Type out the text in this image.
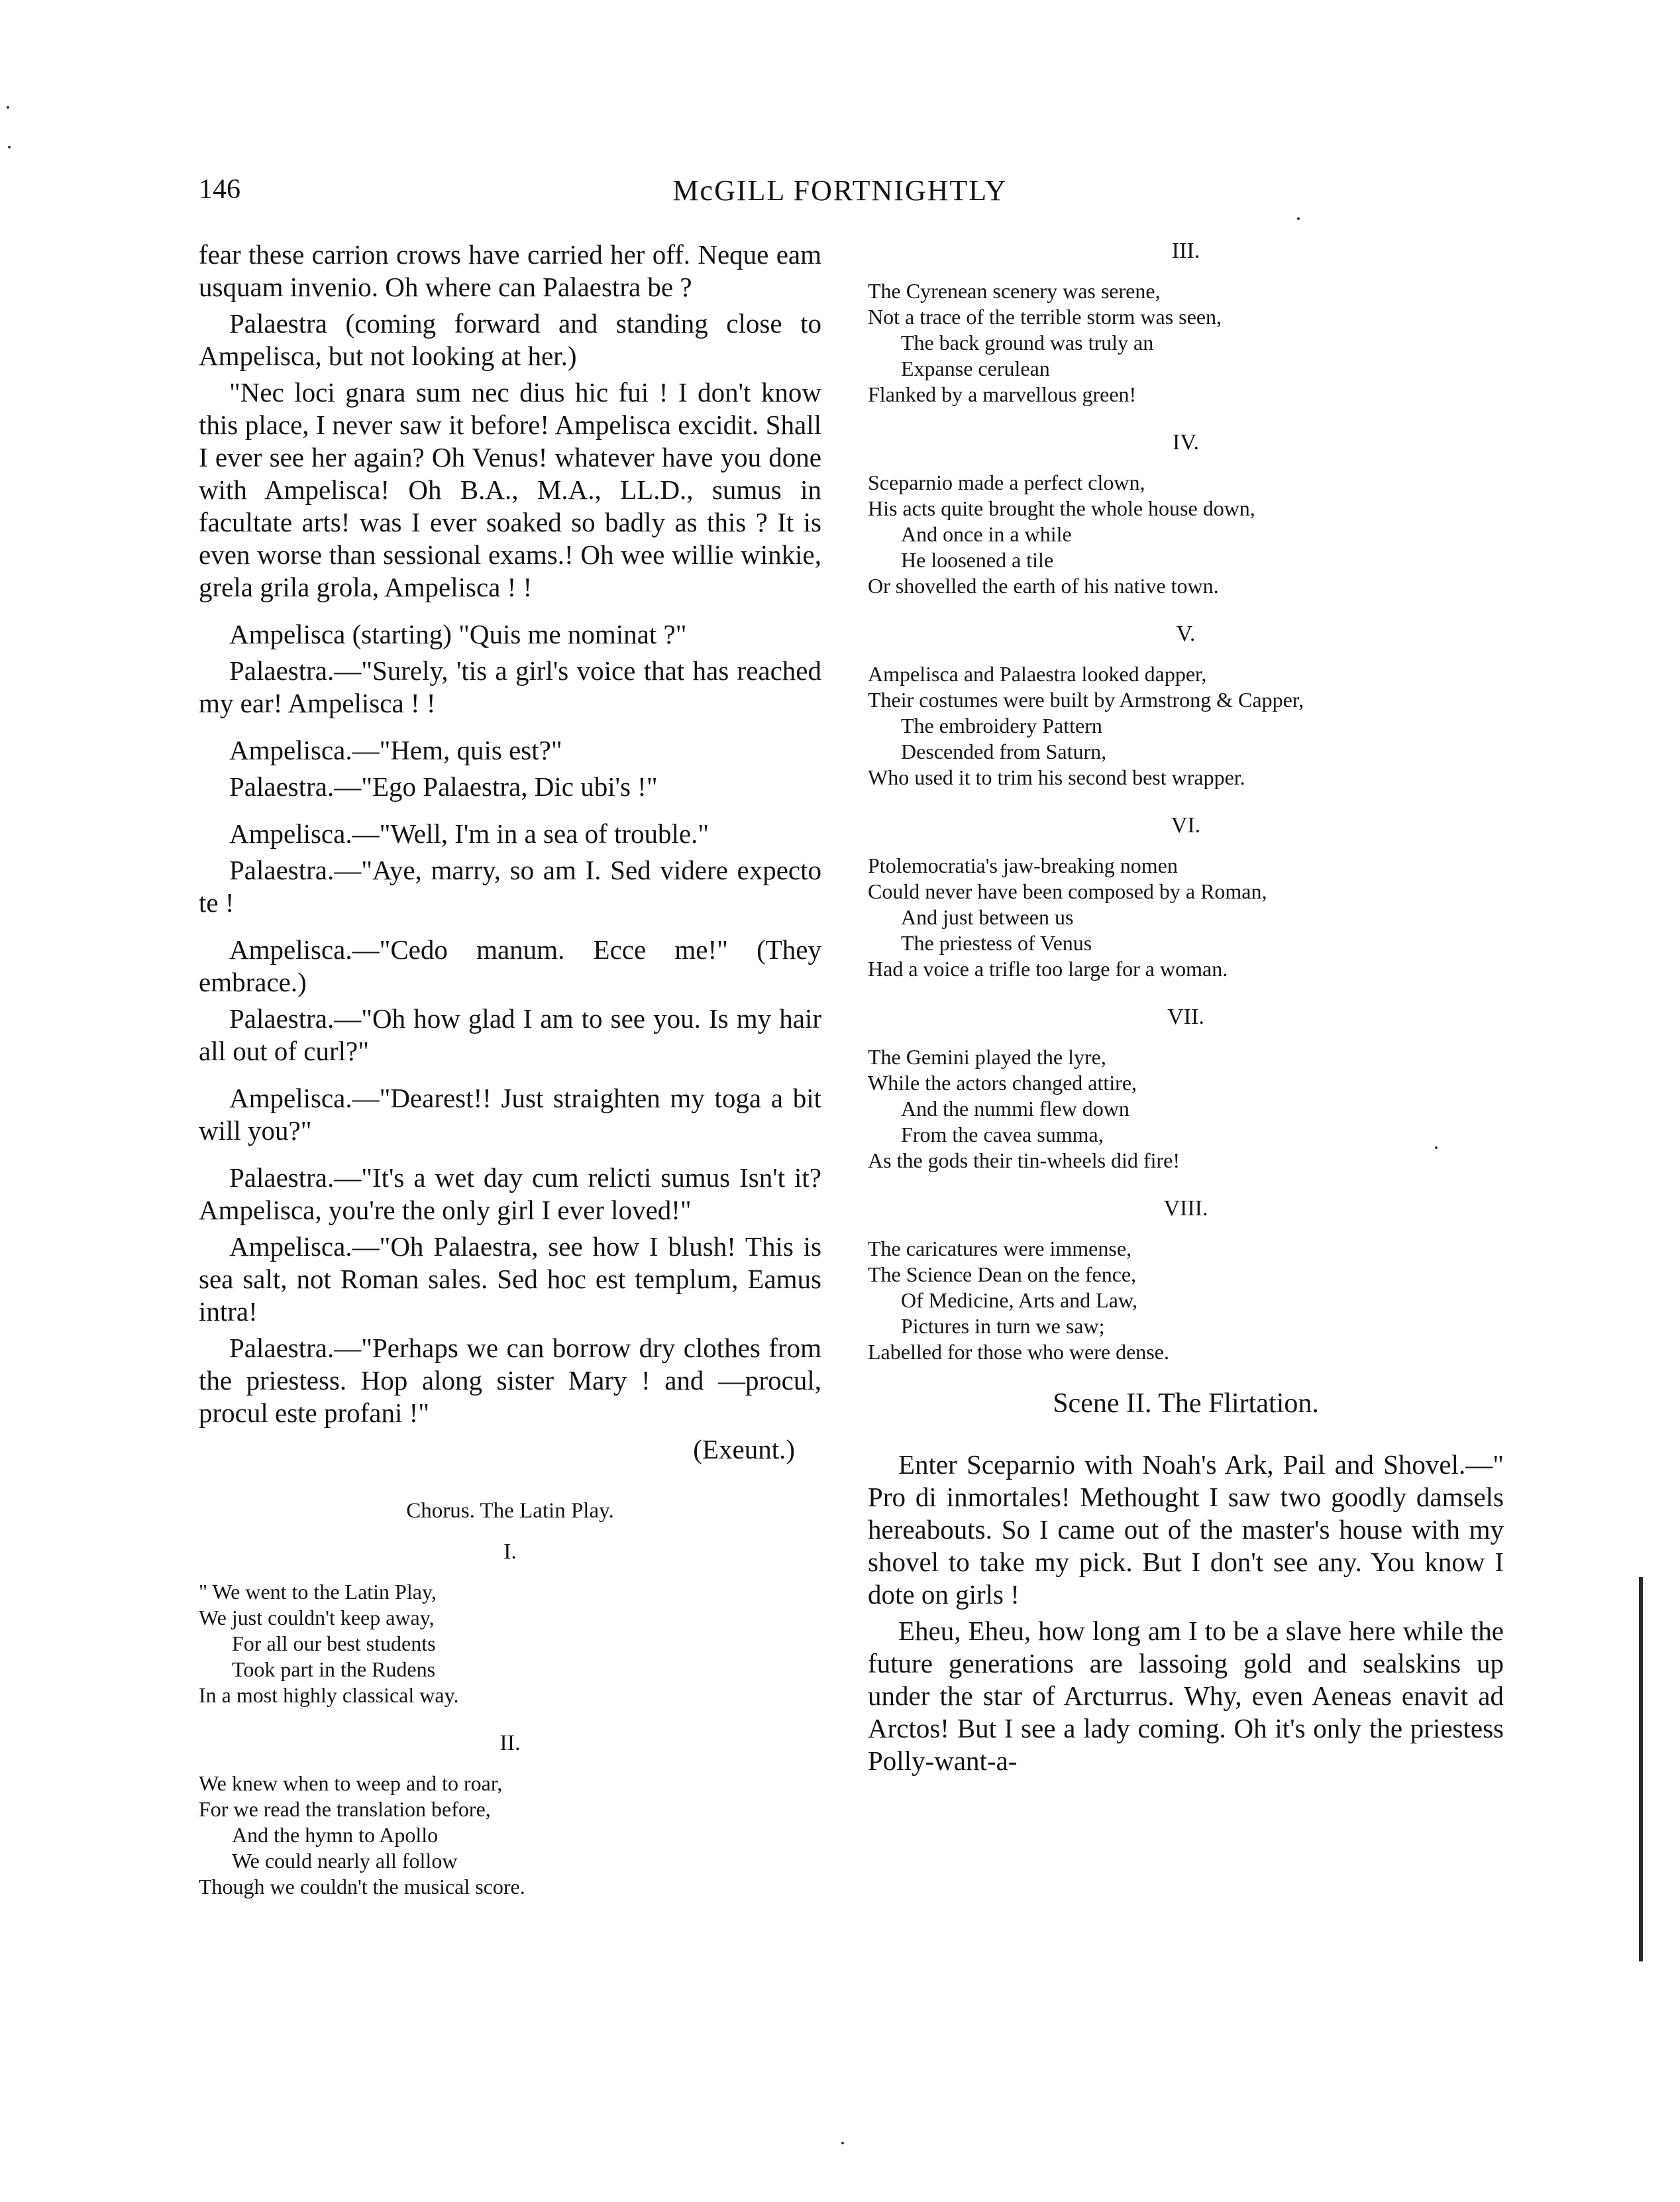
McGILL FORTNIGHTLY
146

fear these carrion crows have carried her off. Neque eam usquam invenio. Oh where can Palaestra be ?

Palaestra (coming forward and standing close to Ampelisca, but not looking at her.)

"Nec loci gnara sum nec dius hic fui ! I don't know this place, I never saw it before! Ampelisca excidit. Shall I ever see her again? Oh Venus! whatever have you done with Ampelisca! Oh B.A., M.A., LL.D., sumus in facultate arts! was I ever soaked so badly as this ? It is even worse than sessional exams.! Oh wee willie winkie, grela grila grola, Ampelisca ! !

Ampelisca (starting) "Quis me nominat ?"

Palaestra.—"Surely, 'tis a girl's voice that has reached my ear! Ampelisca ! !

Ampelisca.—"Hem, quis est?"

Palaestra.—"Ego Palaestra, Dic ubi's !"

Ampelisca.—"Well, I'm in a sea of trouble."

Palaestra.—"Aye, marry, so am I. Sed videre expecto te !

Ampelisca.—"Cedo manum. Ecce me!" (They embrace.)

Palaestra.—"Oh how glad I am to see you. Is my hair all out of curl?"

Ampelisca.—"Dearest!! Just straighten my toga a bit will you?"

Palaestra.—"It's a wet day cum relicti sumus Isn't it? Ampelisca, you're the only girl I ever loved!"

Ampelisca.—"Oh Palaestra, see how I blush! This is sea salt, not Roman sales. Sed hoc est templum, Eamus intra!

Palaestra.—"Perhaps we can borrow dry clothes from the priestess. Hop along sister Mary ! and —procul, procul este profani !"

(Exeunt.)
Chorus. The Latin Play.
I.
" We went to the Latin Play,
We just couldn't keep away,
For all our best students
Took part in the Rudens
In a most highly classical way.
II.
We knew when to weep and to roar,
For we read the translation before,
And the hymn to Apollo
We could nearly all follow
Though we couldn't the musical score.
III.
The Cyrenean scenery was serene,
Not a trace of the terrible storm was seen,
The back ground was truly an
Expanse cerulean
Flanked by a marvellous green!
IV.
Sceparnio made a perfect clown,
His acts quite brought the whole house down,
And once in a while
He loosened a tile
Or shovelled the earth of his native town.
V.
Ampelisca and Palaestra looked dapper,
Their costumes were built by Armstrong & Capper,
The embroidery Pattern
Descended from Saturn,
Who used it to trim his second best wrapper.
VI.
Ptolemocratia's jaw-breaking nomen
Could never have been composed by a Roman,
And just between us
The priestess of Venus
Had a voice a trifle too large for a woman.
VII.
The Gemini played the lyre,
While the actors changed attire,
And the nummi flew down
From the cavea summa,
As the gods their tin-wheels did fire!
VIII.
The caricatures were immense,
The Science Dean on the fence,
Of Medicine, Arts and Law,
Pictures in turn we saw;
Labelled for those who were dense.
Scene II. The Flirtation.

Enter Sceparnio with Noah's Ark, Pail and Shovel.—" Pro di inmortales! Methought I saw two goodly damsels hereabouts. So I came out of the master's house with my shovel to take my pick. But I don't see any. You know I dote on girls !

Eheu, Eheu, how long am I to be a slave here while the future generations are lassoing gold and sealskins up under the star of Arcturrus. Why, even Aeneas enavit ad Arctos! But I see a lady coming. Oh it's only the priestess Polly-want-a-
